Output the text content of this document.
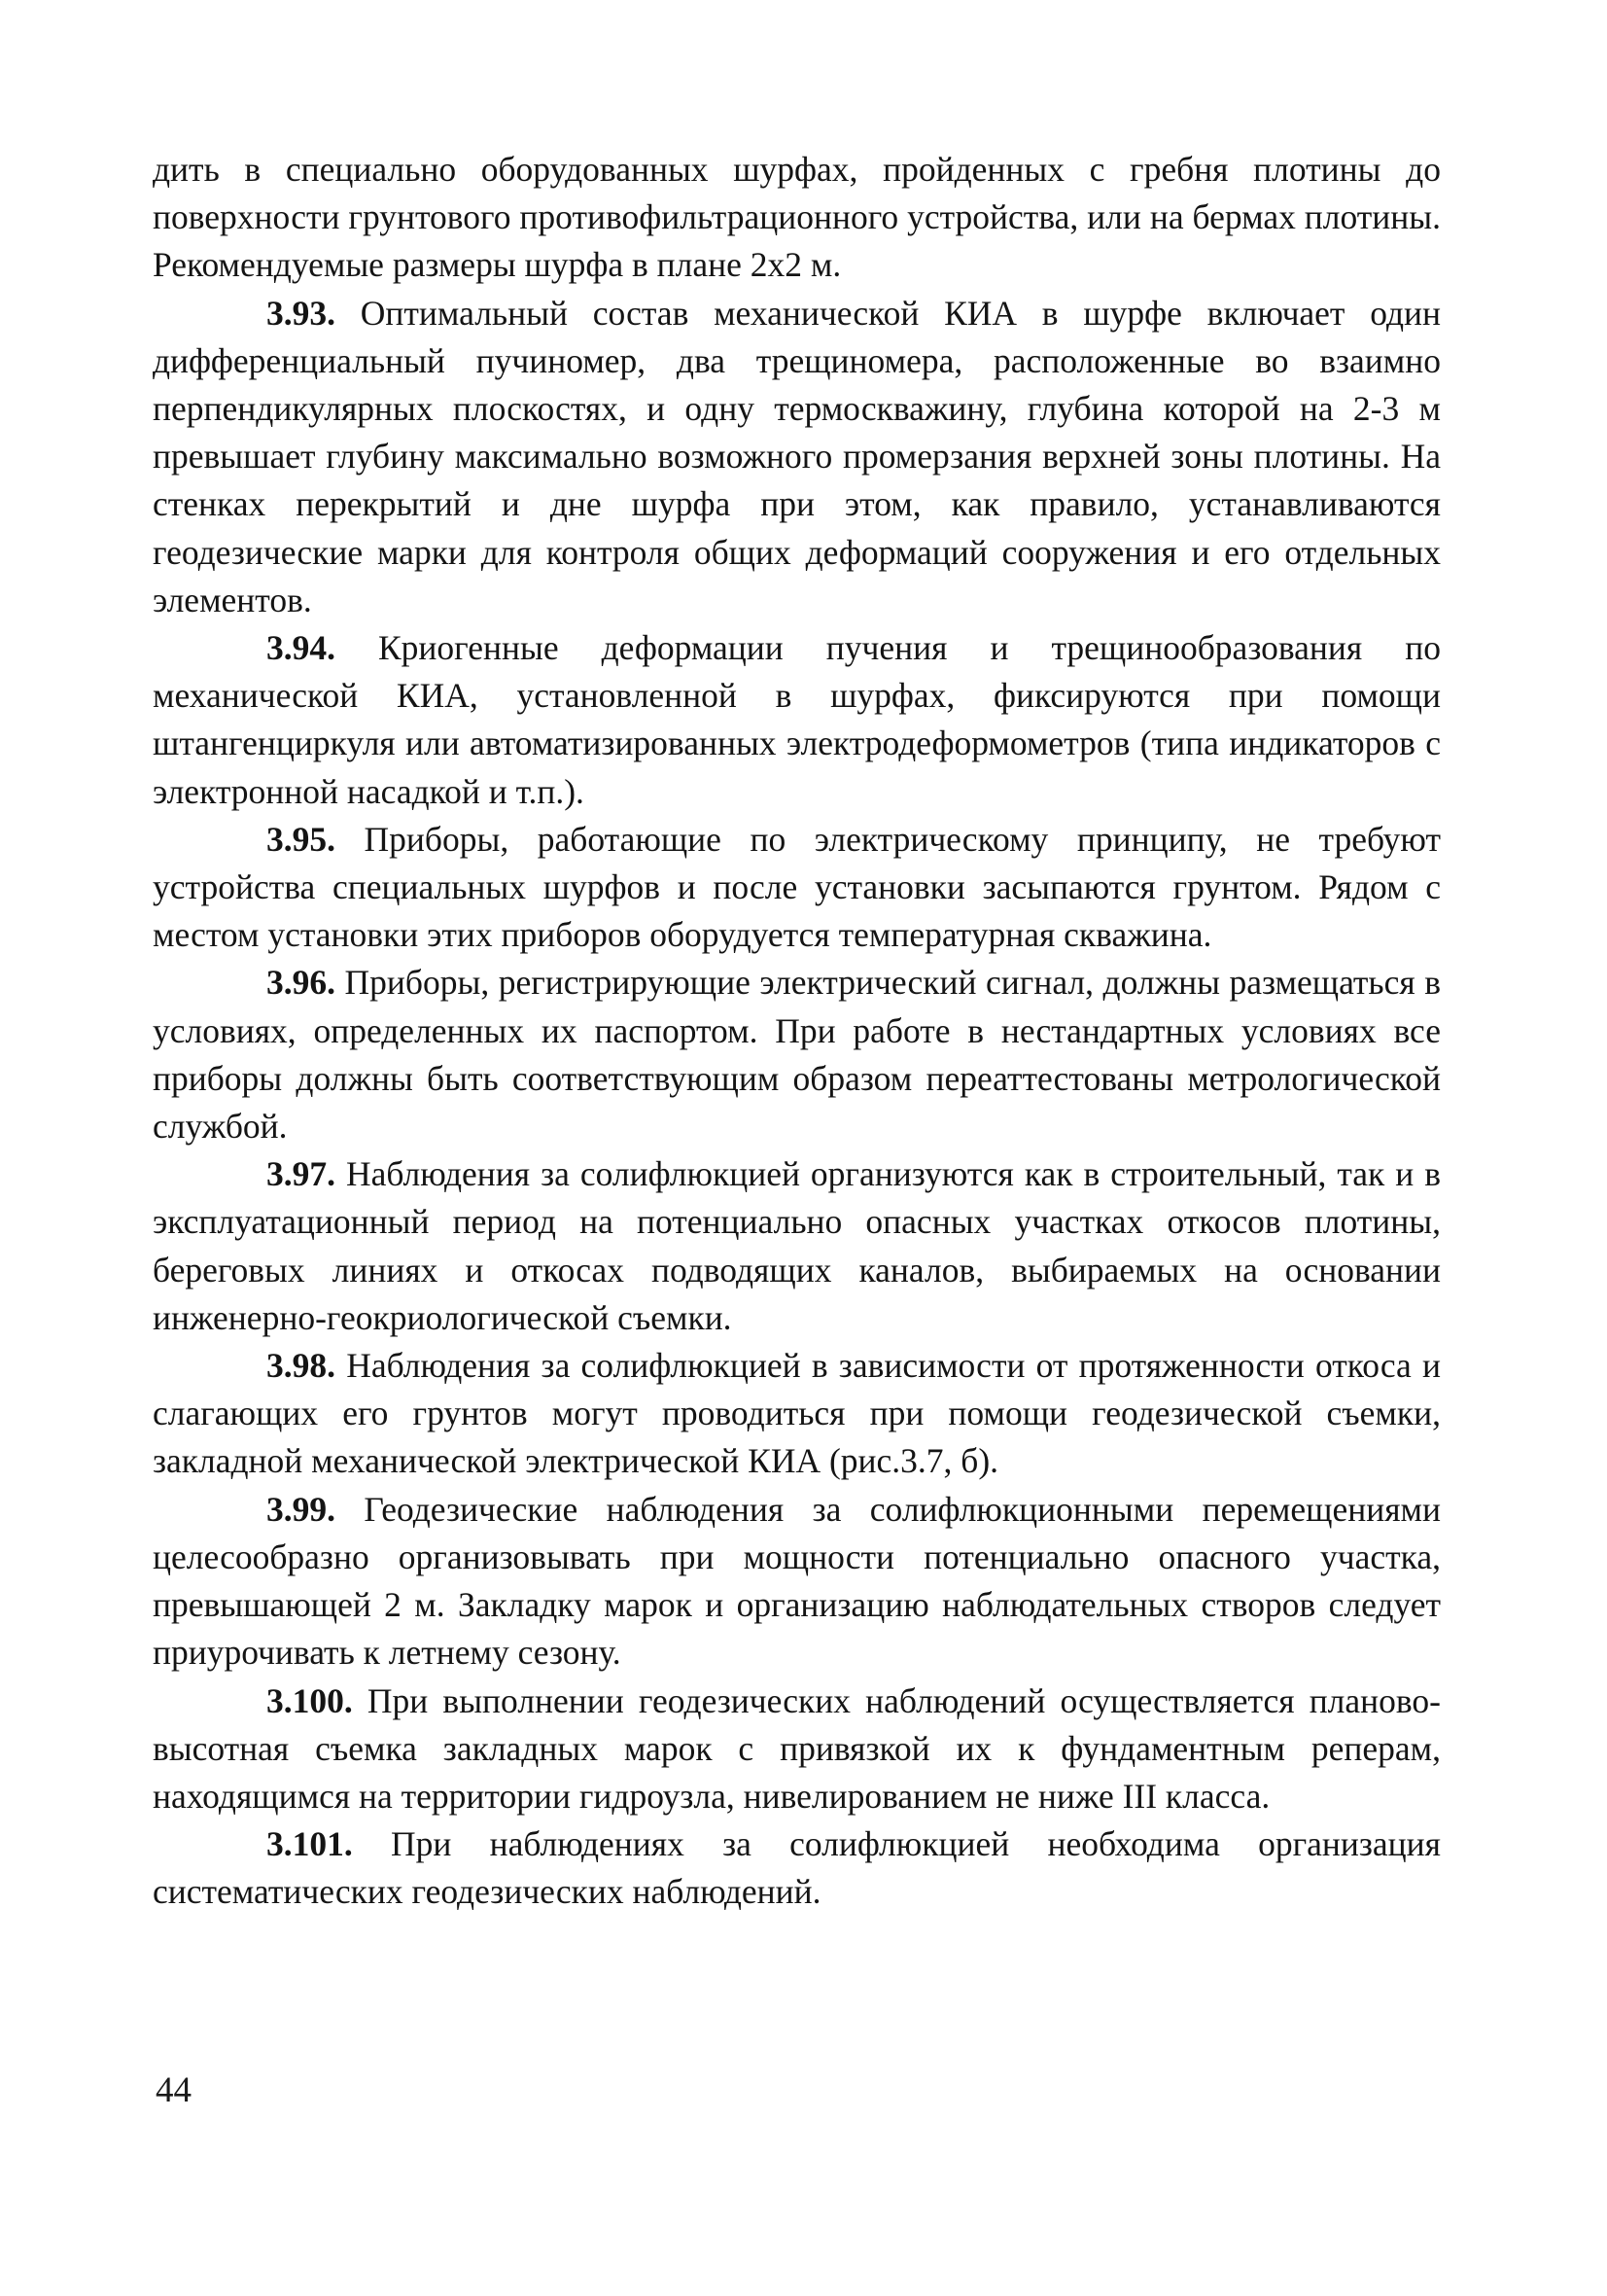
дить в специально оборудованных шурфах, пройденных с гребня плотины до поверхности грунтового противофильтрационного устройства, или на бермах плотины. Рекомендуемые размеры шурфа в плане 2х2 м.

3.93. Оптимальный состав механической КИА в шурфе включает один дифференциальный пучиномер, два трещиномера, расположенные во взаимно перпендикулярных плоскостях, и одну термоскважину, глубина которой на 2-3 м превышает глубину максимально возможного промерзания верхней зоны плотины. На стенках перекрытий и дне шурфа при этом, как правило, устанавливаются геодезические марки для контроля общих деформаций сооружения и его отдельных элементов.

3.94. Криогенные деформации пучения и трещинообразования по механической КИА, установленной в шурфах, фиксируются при помощи штангенциркуля или автоматизированных электродеформометров (типа индикаторов с электронной насадкой и т.п.).

3.95. Приборы, работающие по электрическому принципу, не требуют устройства специальных шурфов и после установки засыпаются грунтом. Рядом с местом установки этих приборов оборудуется температурная скважина.

3.96. Приборы, регистрирующие электрический сигнал, должны размещаться в условиях, определенных их паспортом. При работе в нестандартных условиях все приборы должны быть соответствующим образом переаттестованы метрологической службой.

3.97. Наблюдения за солифлюкцией организуются как в строительный, так и в эксплуатационный период на потенциально опасных участках откосов плотины, береговых линиях и откосах подводящих каналов, выбираемых на основании инженерно-геокриологической съемки.

3.98. Наблюдения за солифлюкцией в зависимости от протяженности откоса и слагающих его грунтов могут проводиться при помощи геодезической съемки, закладной механической электрической КИА (рис.3.7, б).

3.99. Геодезические наблюдения за солифлюкционными перемещениями целесообразно организовывать при мощности потенциально опасного участка, превышающей 2 м. Закладку марок и организацию наблюдательных створов следует приурочивать к летнему сезону.

3.100. При выполнении геодезических наблюдений осуществляется планово-высотная съемка закладных марок с привязкой их к фундаментным реперам, находящимся на территории гидроузла, нивелированием не ниже III класса.

3.101. При наблюдениях за солифлюкцией необходима организация систематических геодезических наблюдений.

44
